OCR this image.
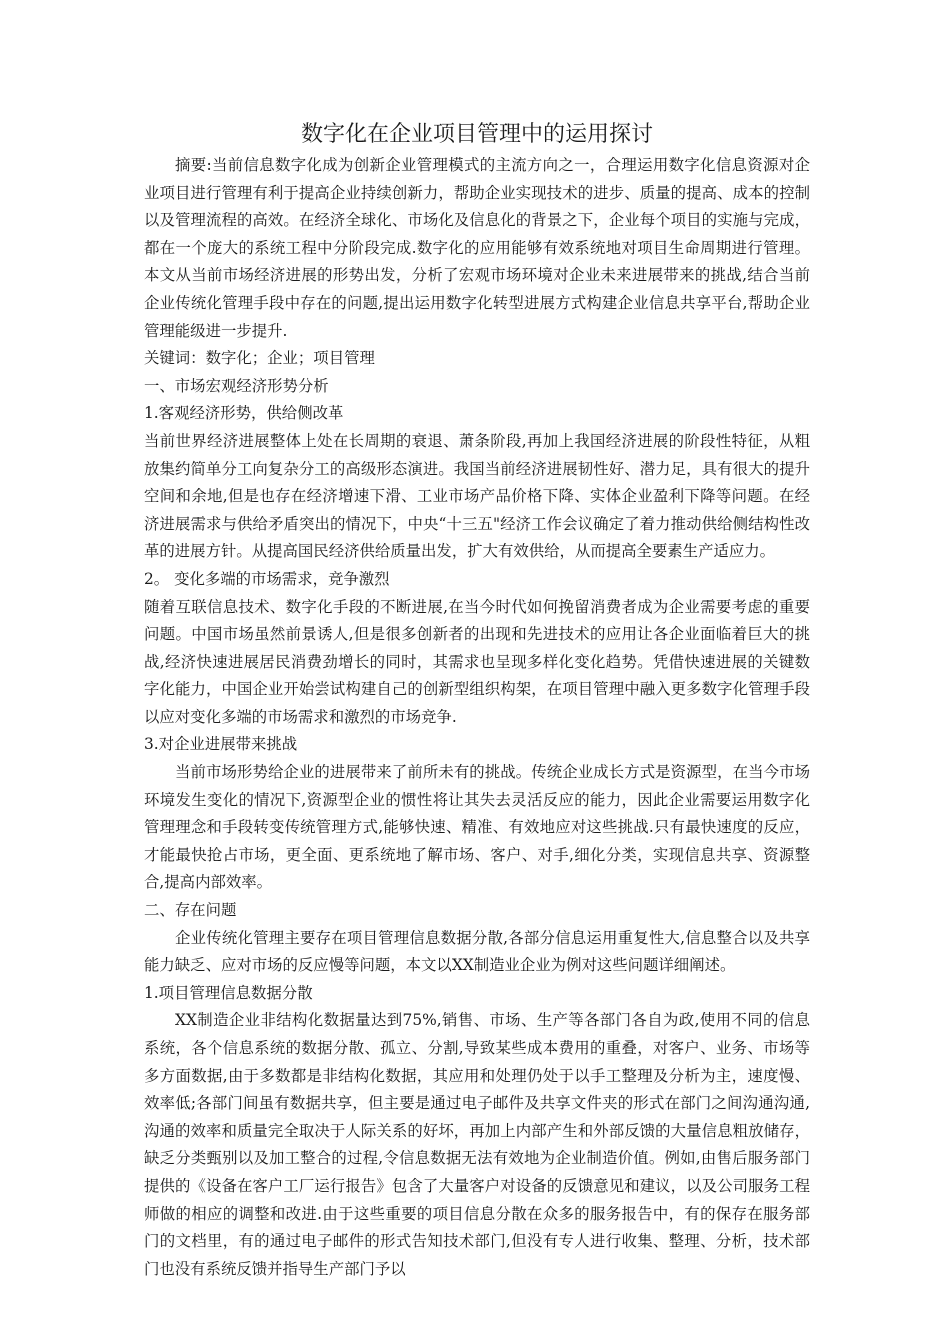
数字化在企业项目管理中的运用探讨

摘要:当前信息数字化成为创新企业管理模式的主流方向之一，合理运用数字化信息资源对企业项目进行管理有利于提高企业持续创新力，帮助企业实现技术的进步、质量的提高、成本的控制以及管理流程的高效。在经济全球化、市场化及信息化的背景之下，企业每个项目的实施与完成，都在一个庞大的系统工程中分阶段完成.数字化的应用能够有效系统地对项目生命周期进行管理。本文从当前市场经济进展的形势出发，分析了宏观市场环境对企业未来进展带来的挑战,结合当前企业传统化管理手段中存在的问题,提出运用数字化转型进展方式构建企业信息共享平台,帮助企业管理能级进一步提升.

关键词：数字化；企业；项目管理

一、市场宏观经济形势分析

1.客观经济形势，供给侧改革

当前世界经济进展整体上处在长周期的衰退、萧条阶段,再加上我国经济进展的阶段性特征，从粗放集约简单分工向复杂分工的高级形态演进。我国当前经济进展韧性好、潜力足，具有很大的提升空间和余地,但是也存在经济增速下滑、工业市场产品价格下降、实体企业盈利下降等问题。在经济进展需求与供给矛盾突出的情况下，中央“十三五"经济工作会议确定了着力推动供给侧结构性改革的进展方针。从提高国民经济供给质量出发，扩大有效供给，从而提高全要素生产适应力。

2。 变化多端的市场需求，竞争激烈

随着互联信息技术、数字化手段的不断进展,在当今时代如何挽留消费者成为企业需要考虑的重要问题。中国市场虽然前景诱人,但是很多创新者的出现和先进技术的应用让各企业面临着巨大的挑战,经济快速进展居民消费劲增长的同时，其需求也呈现多样化变化趋势。凭借快速进展的关键数字化能力，中国企业开始尝试构建自己的创新型组织构架，在项目管理中融入更多数字化管理手段以应对变化多端的市场需求和激烈的市场竞争.

3.对企业进展带来挑战

当前市场形势给企业的进展带来了前所未有的挑战。传统企业成长方式是资源型，在当今市场环境发生变化的情况下,资源型企业的惯性将让其失去灵活反应的能力，因此企业需要运用数字化管理理念和手段转变传统管理方式,能够快速、精准、有效地应对这些挑战.只有最快速度的反应，才能最快抢占市场，更全面、更系统地了解市场、客户、对手,细化分类，实现信息共享、资源整合,提高内部效率。

二、存在问题

企业传统化管理主要存在项目管理信息数据分散,各部分信息运用重复性大,信息整合以及共享能力缺乏、应对市场的反应慢等问题，本文以XX制造业企业为例对这些问题详细阐述。

1.项目管理信息数据分散

XX制造企业非结构化数据量达到75%,销售、市场、生产等各部门各自为政,使用不同的信息系统，各个信息系统的数据分散、孤立、分割,导致某些成本费用的重叠，对客户、业务、市场等多方面数据,由于多数都是非结构化数据，其应用和处理仍处于以手工整理及分析为主，速度慢、效率低;各部门间虽有数据共享，但主要是通过电子邮件及共享文件夹的形式在部门之间沟通沟通,沟通的效率和质量完全取决于人际关系的好坏，再加上内部产生和外部反馈的大量信息粗放储存，缺乏分类甄别以及加工整合的过程,令信息数据无法有效地为企业制造价值。例如,由售后服务部门提供的《设备在客户工厂运行报告》包含了大量客户对设备的反馈意见和建议，以及公司服务工程师做的相应的调整和改进.由于这些重要的项目信息分散在众多的服务报告中，有的保存在服务部门的文档里，有的通过电子邮件的形式告知技术部门,但没有专人进行收集、整理、分析，技术部门也没有系统反馈并指导生产部门予以
